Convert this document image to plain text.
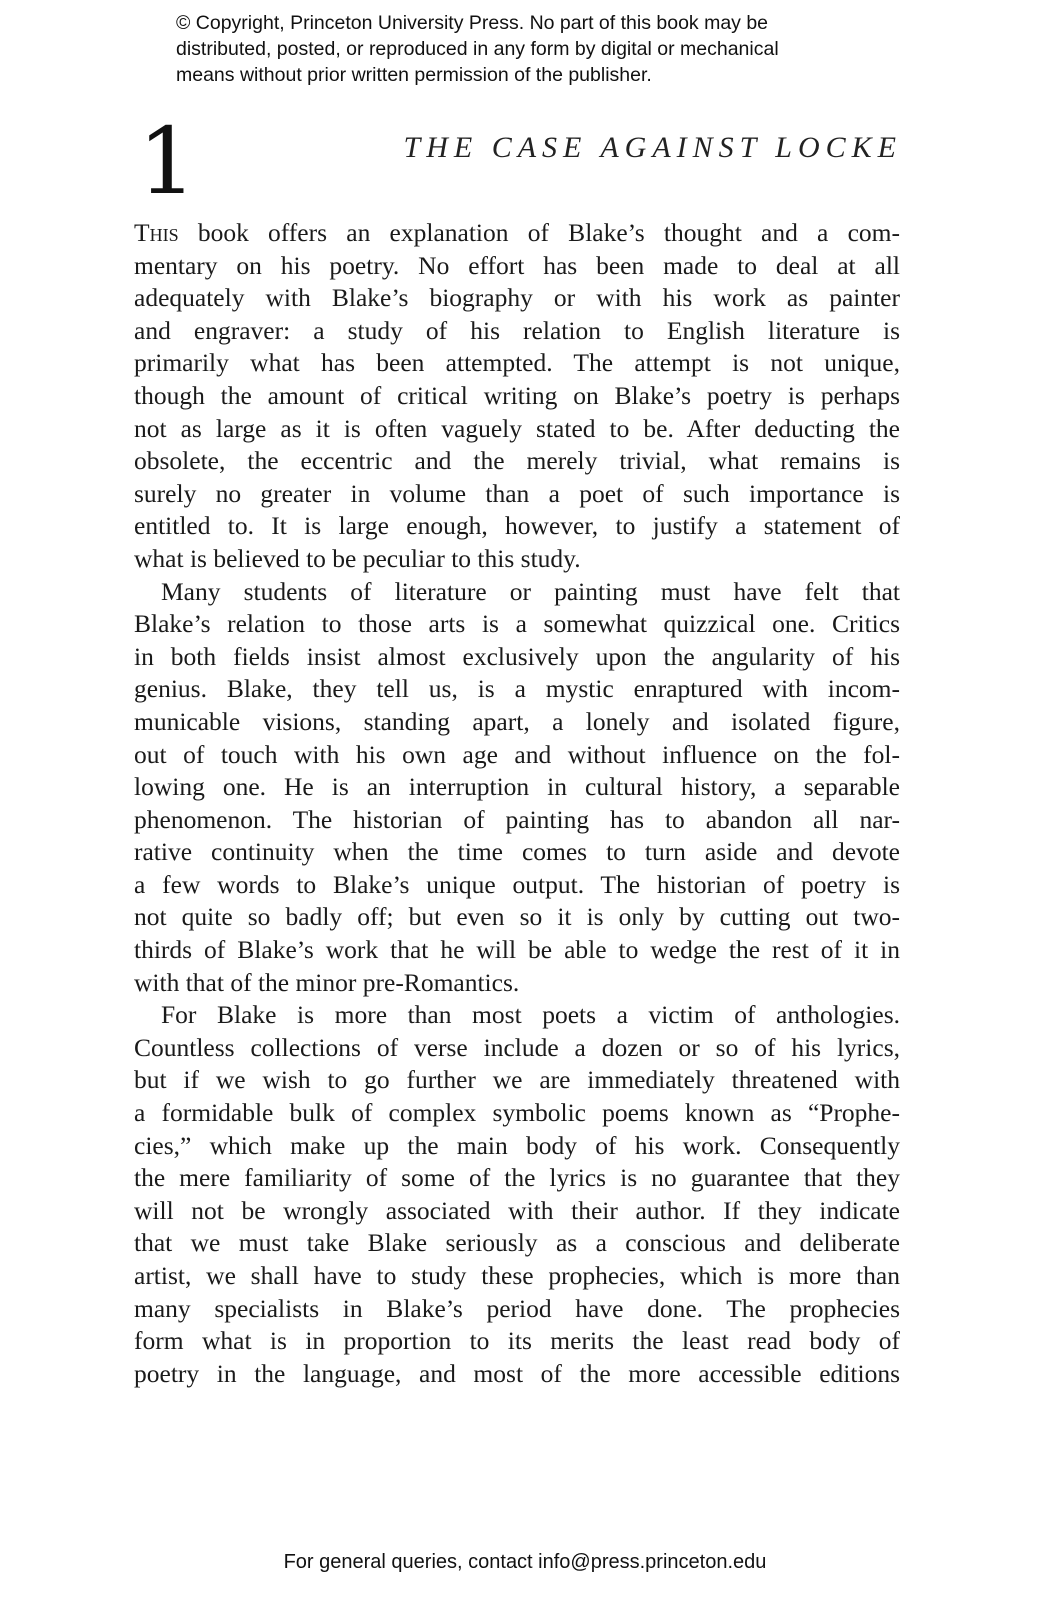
© Copyright, Princeton University Press. No part of this book may be
distributed, posted, or reproduced in any form by digital or mechanical
means without prior written permission of the publisher.
1	THE CASE AGAINST LOCKE
This book offers an explanation of Blake’s thought and a com-
mentary on his poetry. No effort has been made to deal at all
adequately with Blake’s biography or with his work as painter
and engraver: a study of his relation to English literature is
primarily what has been attempted. The attempt is not unique,
though the amount of critical writing on Blake’s poetry is perhaps
not as large as it is often vaguely stated to be. After deducting the
obsolete, the eccentric and the merely trivial, what remains is
surely no greater in volume than a poet of such importance is
entitled to. It is large enough, however, to justify a statement of
what is believed to be peculiar to this study.
Many students of literature or painting must have felt that
Blake’s relation to those arts is a somewhat quizzical one. Critics
in both fields insist almost exclusively upon the angularity of his
genius. Blake, they tell us, is a mystic enraptured with incom-
municable visions, standing apart, a lonely and isolated figure,
out of touch with his own age and without influence on the fol-
lowing one. He is an interruption in cultural history, a separable
phenomenon. The historian of painting has to abandon all nar-
rative continuity when the time comes to turn aside and devote
a few words to Blake’s unique output. The historian of poetry is
not quite so badly off; but even so it is only by cutting out two-
thirds of Blake’s work that he will be able to wedge the rest of it in
with that of the minor pre-Romantics.
For Blake is more than most poets a victim of anthologies.
Countless collections of verse include a dozen or so of his lyrics,
but if we wish to go further we are immediately threatened with
a formidable bulk of complex symbolic poems known as “Prophe-
cies,” which make up the main body of his work. Consequently
the mere familiarity of some of the lyrics is no guarantee that they
will not be wrongly associated with their author. If they indicate
that we must take Blake seriously as a conscious and deliberate
artist, we shall have to study these prophecies, which is more than
many specialists in Blake’s period have done. The prophecies
form what is in proportion to its merits the least read body of
poetry in the language, and most of the more accessible editions
For general queries, contact info@press.princeton.edu
